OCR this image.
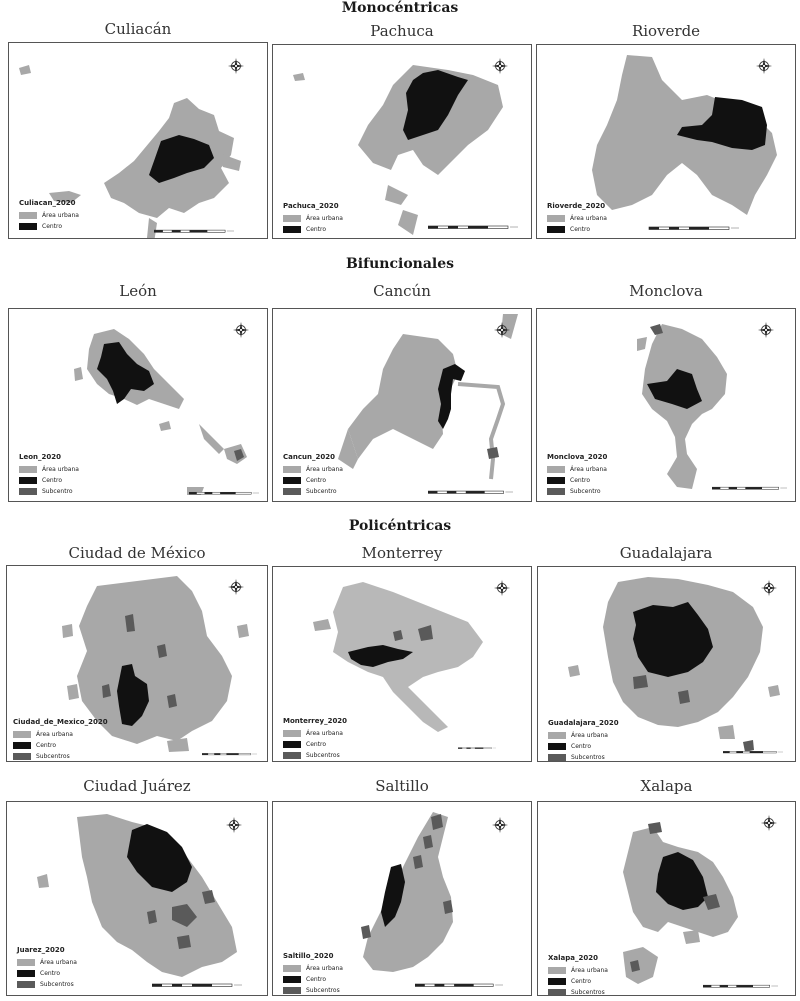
Monocéntricas
Bifuncionales
Policéntricas
Culiacán	Pachuca	Rioverde
Culiacan_2020
Área urbana
Centro
Pachuca_2020
Área urbana
Centro
Rioverde_2020
Área urbana
Centro
León	Cancún	Monclova
Leon_2020
Área urbana
Centro
Subcentro
Cancun_2020
Área urbana
Centro
Subcentro
Monclova_2020
Área urbana
Centro
Subcentro
Ciudad de México	Monterrey	Guadalajara
Ciudad_de_Mexico_2020
Área urbana
Centro
Subcentros
Monterrey_2020
Área urbana
Centro
Subcentros
Guadalajara_2020
Área urbana
Centro
Subcentros
Ciudad Juárez	Saltillo	Xalapa
Juarez_2020
Área urbana
Centro
Subcentros
Saltillo_2020
Área urbana
Centro
Subcentros
Xalapa_2020
Área urbana
Centro
Subcentros
